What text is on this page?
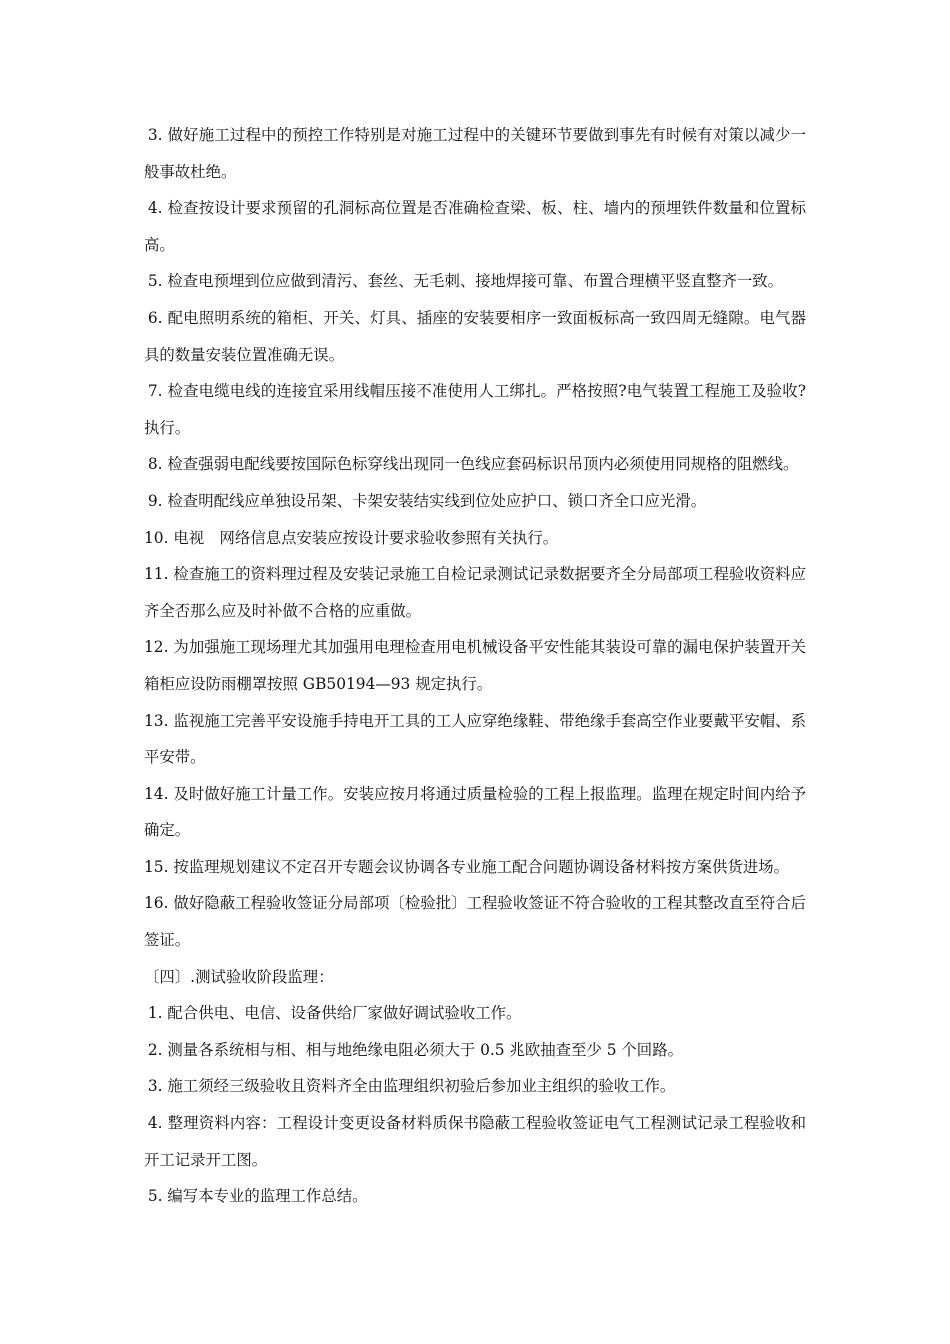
3. 做好施工过程中的预控工作特别是对施工过程中的关键环节要做到事先有时候有对策以减少一般事故杜绝。

4. 检查按设计要求预留的孔洞标高位置是否准确检查梁、板、柱、墙内的预埋铁件数量和位置标高。

5. 检查电预埋到位应做到清污、套丝、无毛刺、接地焊接可靠、布置合理横平竖直整齐一致。

6. 配电照明系统的箱柜、开关、灯具、插座的安装要相序一致面板标高一致四周无缝隙。电气器具的数量安装位置准确无误。

7. 检查电缆电线的连接宜采用线帽压接不准使用人工绑扎。严格按照?电气装置工程施工及验收?执行。

8. 检查强弱电配线要按国际色标穿线出现同一色线应套码标识吊顶内必须使用同规格的阻燃线。

9. 检查明配线应单独设吊架、卡架安装结实线到位处应护口、锁口齐全口应光滑。

10. 电视　网络信息点安装应按设计要求验收参照有关执行。

11. 检查施工的资料理过程及安装记录施工自检记录测试记录数据要齐全分局部项工程验收资料应齐全否那么应及时补做不合格的应重做。

12. 为加强施工现场理尤其加强用电理检查用电机械设备平安性能其装设可靠的漏电保护装置开关箱柜应设防雨棚罩按照 GB50194—93 规定执行。

13. 监视施工完善平安设施手持电开工具的工人应穿绝缘鞋、带绝缘手套高空作业要戴平安帽、系平安带。

14. 及时做好施工计量工作。安装应按月将通过质量检验的工程上报监理。监理在规定时间内给予确定。

15. 按监理规划建议不定召开专题会议协调各专业施工配合问题协调设备材料按方案供货进场。

16. 做好隐蔽工程验收签证分局部项〔检验批〕工程验收签证不符合验收的工程其整改直至符合后签证。

〔四〕.测试验收阶段监理：

1. 配合供电、电信、设备供给厂家做好调试验收工作。

2. 测量各系统相与相、相与地绝缘电阻必须大于 0.5 兆欧抽查至少 5 个回路。

3. 施工须经三级验收且资料齐全由监理组织初验后参加业主组织的验收工作。

4. 整理资料内容：工程设计变更设备材料质保书隐蔽工程验收签证电气工程测试记录工程验收和开工记录开工图。

5. 编写本专业的监理工作总结。
